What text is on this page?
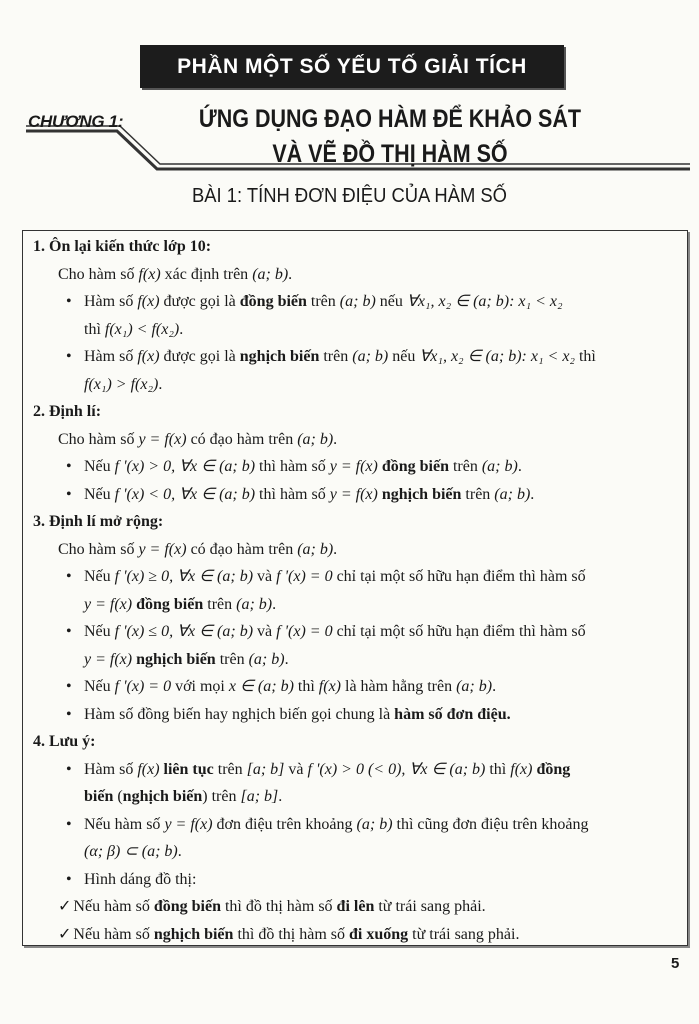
PHẦN MỘT SỐ YẾU TỐ GIẢI TÍCH
CHƯƠNG 1:	ỨNG DỤNG ĐẠO HÀM ĐỂ KHẢO SÁT
VÀ VẼ ĐỒ THỊ HÀM SỐ
BÀI 1: TÍNH ĐƠN ĐIỆU CỦA HÀM SỐ
1. Ôn lại kiến thức lớp 10:
Cho hàm số f(x) xác định trên (a; b).
• Hàm số f(x) được gọi là đồng biến trên (a; b) nếu ∀x₁, x₂ ∈ (a; b): x₁ < x₂
thì f(x₁) < f(x₂).
• Hàm số f(x) được gọi là nghịch biến trên (a; b) nếu ∀x₁, x₂ ∈ (a; b): x₁ < x₂ thì
f(x₁) > f(x₂).
2. Định lí:
Cho hàm số y = f(x) có đạo hàm trên (a; b).
• Nếu f '(x) > 0, ∀x ∈ (a; b) thì hàm số y = f(x) đồng biến trên (a; b).
• Nếu f '(x) < 0, ∀x ∈ (a; b) thì hàm số y = f(x) nghịch biến trên (a; b).
3. Định lí mở rộng:
Cho hàm số y = f(x) có đạo hàm trên (a; b).
• Nếu f '(x) ≥ 0, ∀x ∈ (a; b) và f '(x) = 0 chỉ tại một số hữu hạn điểm thì hàm số
y = f(x) đồng biến trên (a; b).
• Nếu f '(x) ≤ 0, ∀x ∈ (a; b) và f '(x) = 0 chỉ tại một số hữu hạn điểm thì hàm số
y = f(x) nghịch biến trên (a; b).
• Nếu f '(x) = 0 với mọi x ∈ (a; b) thì f(x) là hàm hằng trên (a; b).
• Hàm số đồng biến hay nghịch biến gọi chung là hàm số đơn điệu.
4. Lưu ý:
• Hàm số f(x) liên tục trên [a; b] và f '(x) > 0 (< 0), ∀x ∈ (a; b) thì f(x) đồng
biến (nghịch biến) trên [a; b].
• Nếu hàm số y = f(x) đơn điệu trên khoảng (a; b) thì cũng đơn điệu trên khoảng
(α; β) ⊂ (a; b).
• Hình dáng đồ thị:
✓ Nếu hàm số đồng biến thì đồ thị hàm số đi lên từ trái sang phải.
✓ Nếu hàm số nghịch biến thì đồ thị hàm số đi xuống từ trái sang phải.
5
